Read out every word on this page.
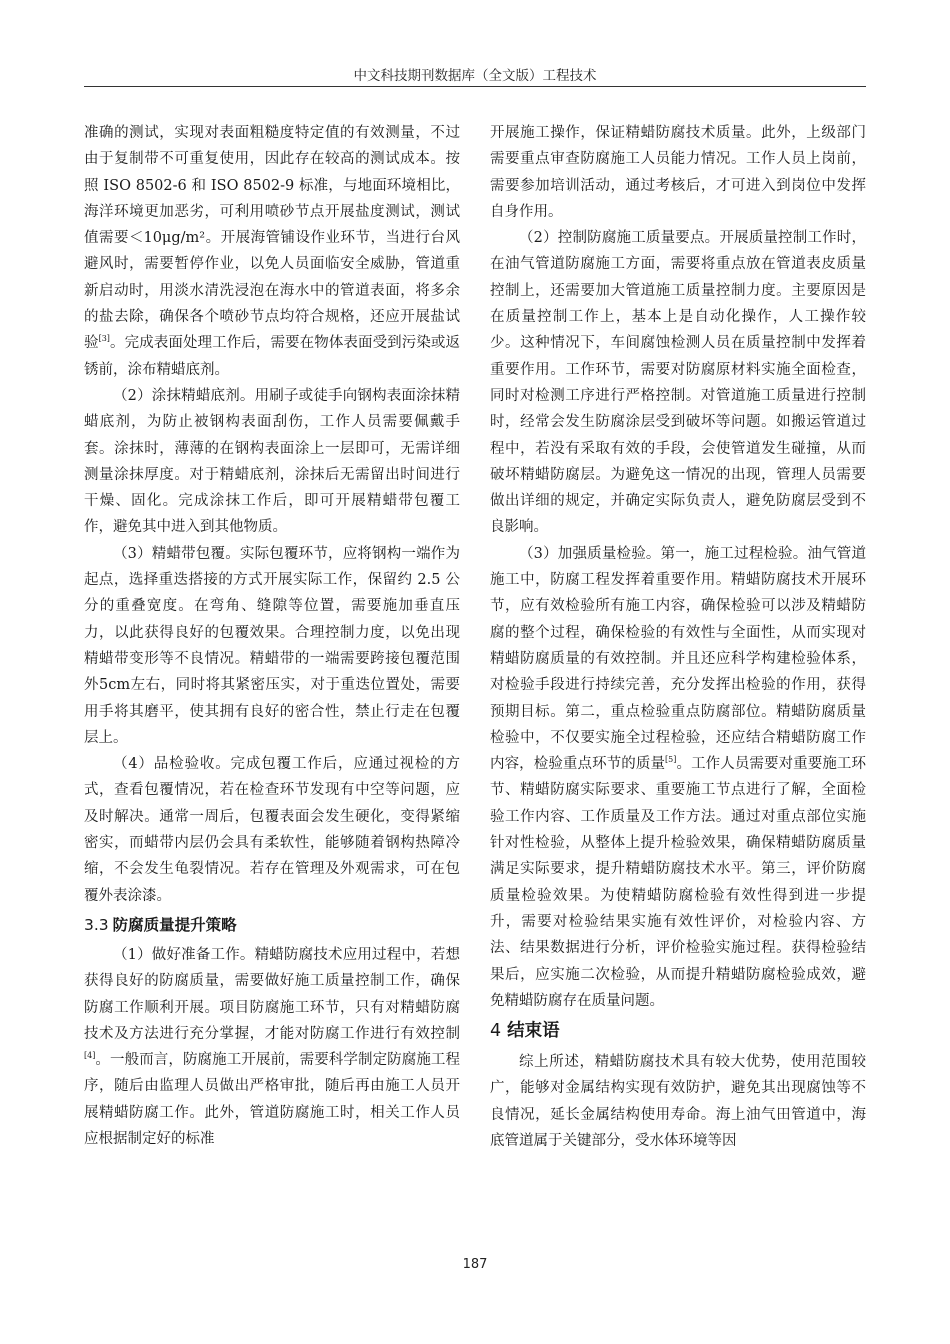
中文科技期刊数据库（全文版）工程技术

准确的测试，实现对表面粗糙度特定值的有效测量，不过由于复制带不可重复使用，因此存在较高的测试成本。按照 ISO 8502-6 和 ISO 8502-9 标准，与地面环境相比，海洋环境更加恶劣，可利用喷砂节点开展盐度测试，测试值需要＜10μg/m²。开展海管铺设作业环节，当进行台风避风时，需要暂停作业，以免人员面临安全威胁，管道重新启动时，用淡水清洗浸泡在海水中的管道表面，将多余的盐去除，确保各个喷砂节点均符合规格，还应开展盐试验[3]。完成表面处理工作后，需要在物体表面受到污染或返锈前，涂布精蜡底剂。

（2）涂抹精蜡底剂。用刷子或徒手向钢构表面涂抹精蜡底剂，为防止被钢构表面刮伤，工作人员需要佩戴手套。涂抹时，薄薄的在钢构表面涂上一层即可，无需详细测量涂抹厚度。对于精蜡底剂，涂抹后无需留出时间进行干燥、固化。完成涂抹工作后，即可开展精蜡带包覆工作，避免其中进入到其他物质。

（3）精蜡带包覆。实际包覆环节，应将钢构一端作为起点，选择重迭搭接的方式开展实际工作，保留约 2.5 公分的重叠宽度。在弯角、缝隙等位置，需要施加垂直压力，以此获得良好的包覆效果。合理控制力度，以免出现精蜡带变形等不良情况。精蜡带的一端需要跨接包覆范围外5cm左右，同时将其紧密压实，对于重迭位置处，需要用手将其磨平，使其拥有良好的密合性，禁止行走在包覆层上。

（4）品检验收。完成包覆工作后，应通过视检的方式，查看包覆情况，若在检查环节发现有中空等问题，应及时解决。通常一周后，包覆表面会发生硬化，变得紧缩密实，而蜡带内层仍会具有柔软性，能够随着钢构热障冷缩，不会发生龟裂情况。若存在管理及外观需求，可在包覆外表涂漆。

3.3 防腐质量提升策略

（1）做好准备工作。精蜡防腐技术应用过程中，若想获得良好的防腐质量，需要做好施工质量控制工作，确保防腐工作顺利开展。项目防腐施工环节，只有对精蜡防腐技术及方法进行充分掌握，才能对防腐工作进行有效控制[4]。一般而言，防腐施工开展前，需要科学制定防腐施工程序，随后由监理人员做出严格审批，随后再由施工人员开展精蜡防腐工作。此外，管道防腐施工时，相关工作人员应根据制定好的标准

开展施工操作，保证精蜡防腐技术质量。此外，上级部门需要重点审查防腐施工人员能力情况。工作人员上岗前，需要参加培训活动，通过考核后，才可进入到岗位中发挥自身作用。

（2）控制防腐施工质量要点。开展质量控制工作时，在油气管道防腐施工方面，需要将重点放在管道表皮质量控制上，还需要加大管道施工质量控制力度。主要原因是在质量控制工作上，基本上是自动化操作，人工操作较少。这种情况下，车间腐蚀检测人员在质量控制中发挥着重要作用。工作环节，需要对防腐原材料实施全面检查，同时对检测工序进行严格控制。对管道施工质量进行控制时，经常会发生防腐涂层受到破坏等问题。如搬运管道过程中，若没有采取有效的手段，会使管道发生碰撞，从而破坏精蜡防腐层。为避免这一情况的出现，管理人员需要做出详细的规定，并确定实际负责人，避免防腐层受到不良影响。

（3）加强质量检验。第一，施工过程检验。油气管道施工中，防腐工程发挥着重要作用。精蜡防腐技术开展环节，应有效检验所有施工内容，确保检验可以涉及精蜡防腐的整个过程，确保检验的有效性与全面性，从而实现对精蜡防腐质量的有效控制。并且还应科学构建检验体系，对检验手段进行持续完善，充分发挥出检验的作用，获得预期目标。第二，重点检验重点防腐部位。精蜡防腐质量检验中，不仅要实施全过程检验，还应结合精蜡防腐工作内容，检验重点环节的质量[5]。工作人员需要对重要施工环节、精蜡防腐实际要求、重要施工节点进行了解，全面检验工作内容、工作质量及工作方法。通过对重点部位实施针对性检验，从整体上提升检验效果，确保精蜡防腐质量满足实际要求，提升精蜡防腐技术水平。第三，评价防腐质量检验效果。为使精蜡防腐检验有效性得到进一步提升，需要对检验结果实施有效性评价，对检验内容、方法、结果数据进行分析，评价检验实施过程。获得检验结果后，应实施二次检验，从而提升精蜡防腐检验成效，避免精蜡防腐存在质量问题。

4 结束语

综上所述，精蜡防腐技术具有较大优势，使用范围较广，能够对金属结构实现有效防护，避免其出现腐蚀等不良情况，延长金属结构使用寿命。海上油气田管道中，海底管道属于关键部分，受水体环境等因

187
